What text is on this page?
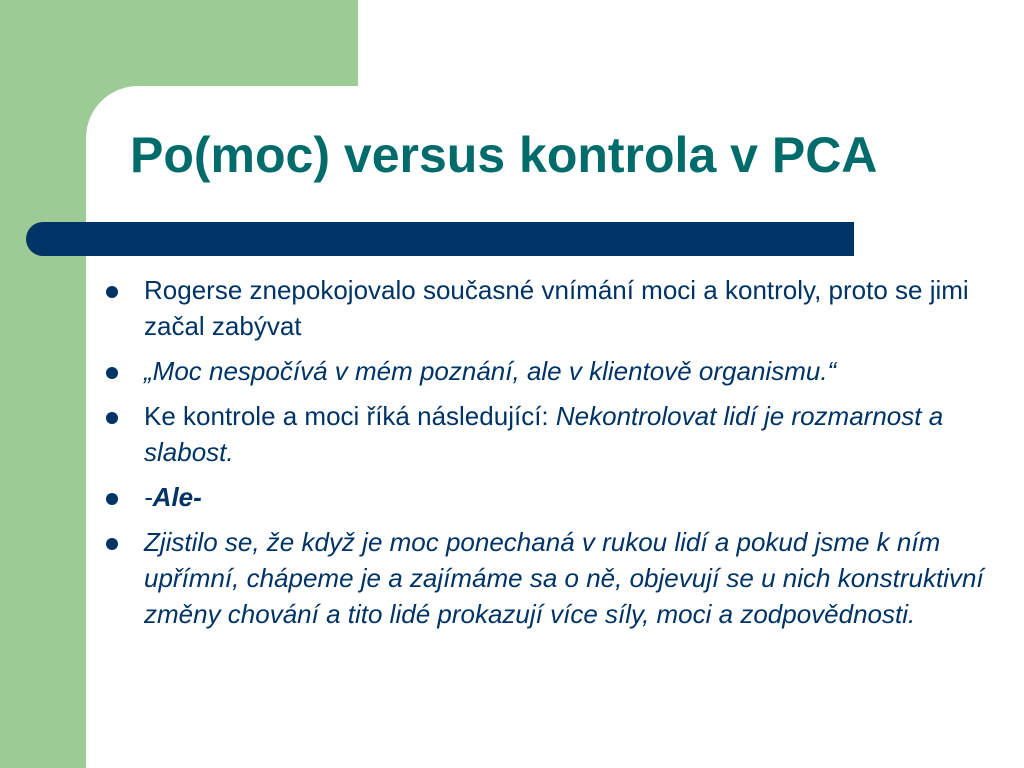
Po(moc) versus kontrola v PCA
Rogerse znepokojovalo současné vnímání moci a kontroly, proto se jimi začal zabývat
„Moc nespočívá v mém poznání, ale v klientově organismu.“
Ke kontrole a moci říká následující: Nekontrolovat lidí je rozmarnost a slabost.
-Ale-
Zjistilo se, že když je moc ponechaná v rukou lidí a pokud jsme k ním upřímní, chápeme je a zajímáme sa o ně, objevují se u nich konstruktivní změny chování a tito lidé prokazují více síly, moci a zodpovědnosti.
